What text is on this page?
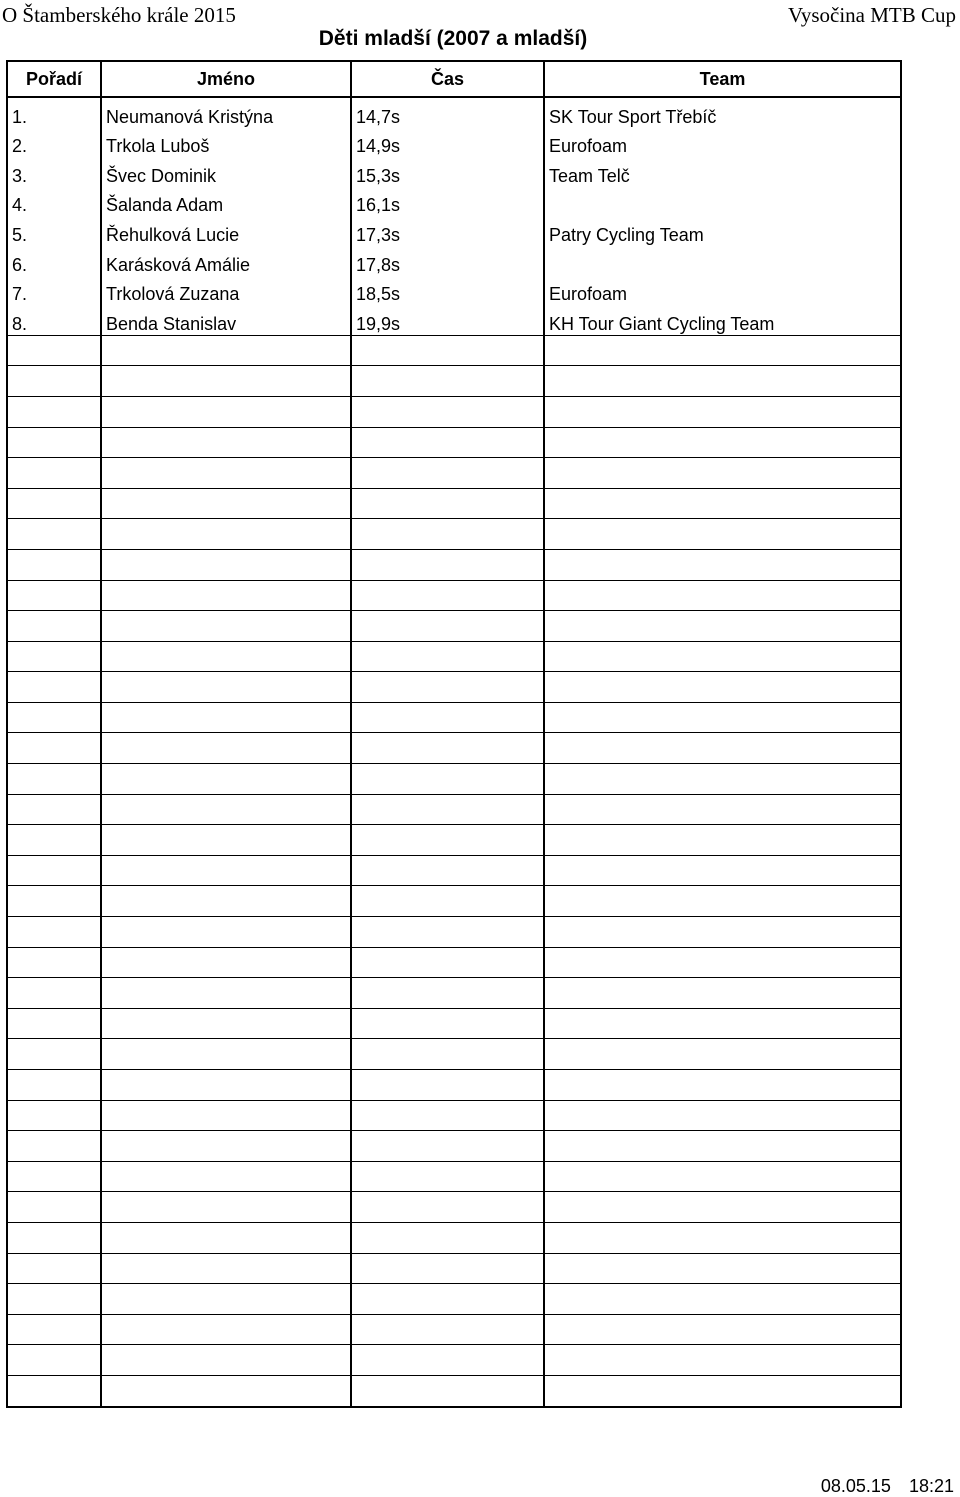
O Štamberského krále 2015	Vysočina MTB Cup
Děti mladší (2007 a mladší)
Pořadí	Jméno	Čas	Team
1.	Neumanová Kristýna	14,7s	SK Tour Sport Třebíč
2.	Trkola Luboš	14,9s	Eurofoam
3.	Švec Dominik	15,3s	Team Telč
4.	Šalanda Adam	16,1s	
5.	Řehulková Lucie	17,3s	Patry Cycling Team
6.	Karásková Amálie	17,8s	
7.	Trkolová Zuzana	18,5s	Eurofoam
8.	Benda Stanislav	19,9s	KH Tour Giant Cycling Team

08.05.15 18:21
